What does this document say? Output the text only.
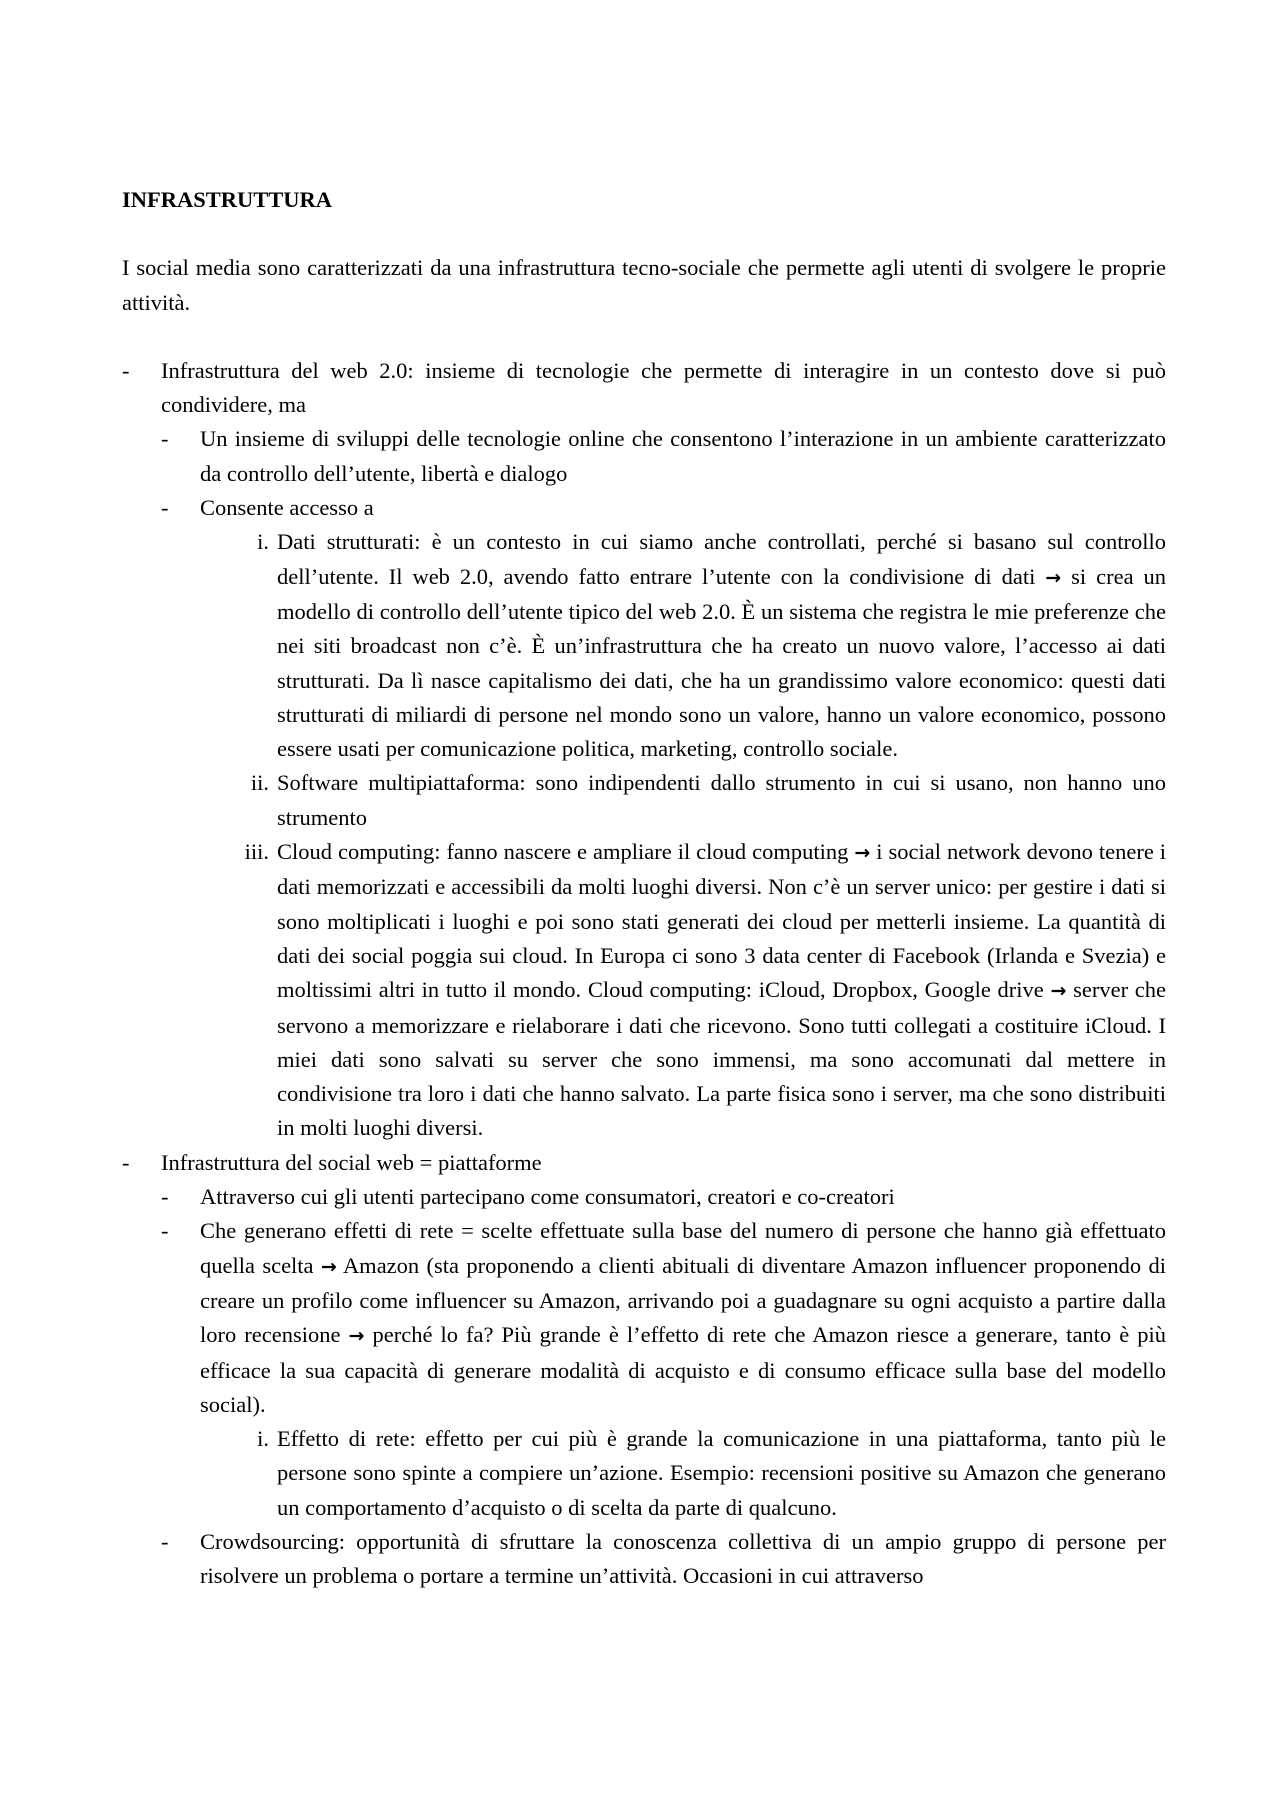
INFRASTRUTTURA

I social media sono caratterizzati da una infrastruttura tecno-sociale che permette agli utenti di svolgere le proprie attività.

-	Infrastruttura del web 2.0: insieme di tecnologie che permette di interagire in un contesto dove si può condividere, ma
-	Un insieme di sviluppi delle tecnologie online che consentono l’interazione in un ambiente caratterizzato da controllo dell’utente, libertà e dialogo
-	Consente accesso a
i. Dati strutturati: è un contesto in cui siamo anche controllati, perché si basano sul controllo dell’utente. Il web 2.0, avendo fatto entrare l’utente con la condivisione di dati → si crea un modello di controllo dell’utente tipico del web 2.0. È un sistema che registra le mie preferenze che nei siti broadcast non c’è. È un’infrastruttura che ha creato un nuovo valore, l’accesso ai dati strutturati. Da lì nasce capitalismo dei dati, che ha un grandissimo valore economico: questi dati strutturati di miliardi di persone nel mondo sono un valore, hanno un valore economico, possono essere usati per comunicazione politica, marketing, controllo sociale.
ii. Software multipiattaforma: sono indipendenti dallo strumento in cui si usano, non hanno uno strumento
iii. Cloud computing: fanno nascere e ampliare il cloud computing → i social network devono tenere i dati memorizzati e accessibili da molti luoghi diversi. Non c’è un server unico: per gestire i dati si sono moltiplicati i luoghi e poi sono stati generati dei cloud per metterli insieme. La quantità di dati dei social poggia sui cloud. In Europa ci sono 3 data center di Facebook (Irlanda e Svezia) e moltissimi altri in tutto il mondo. Cloud computing: iCloud, Dropbox, Google drive → server che servono a memorizzare e rielaborare i dati che ricevono. Sono tutti collegati a costituire iCloud. I miei dati sono salvati su server che sono immensi, ma sono accomunati dal mettere in condivisione tra loro i dati che hanno salvato. La parte fisica sono i server, ma che sono distribuiti in molti luoghi diversi.
-	Infrastruttura del social web = piattaforme
-	Attraverso cui gli utenti partecipano come consumatori, creatori e co-creatori
-	Che generano effetti di rete = scelte effettuate sulla base del numero di persone che hanno già effettuato quella scelta → Amazon (sta proponendo a clienti abituali di diventare Amazon influencer proponendo di creare un profilo come influencer su Amazon, arrivando poi a guadagnare su ogni acquisto a partire dalla loro recensione → perché lo fa? Più grande è l’effetto di rete che Amazon riesce a generare, tanto è più efficace la sua capacità di generare modalità di acquisto e di consumo efficace sulla base del modello social).
i. Effetto di rete: effetto per cui più è grande la comunicazione in una piattaforma, tanto più le persone sono spinte a compiere un’azione. Esempio: recensioni positive su Amazon che generano un comportamento d’acquisto o di scelta da parte di qualcuno.
-	Crowdsourcing: opportunità di sfruttare la conoscenza collettiva di un ampio gruppo di persone per risolvere un problema o portare a termine un’attività. Occasioni in cui attraverso
